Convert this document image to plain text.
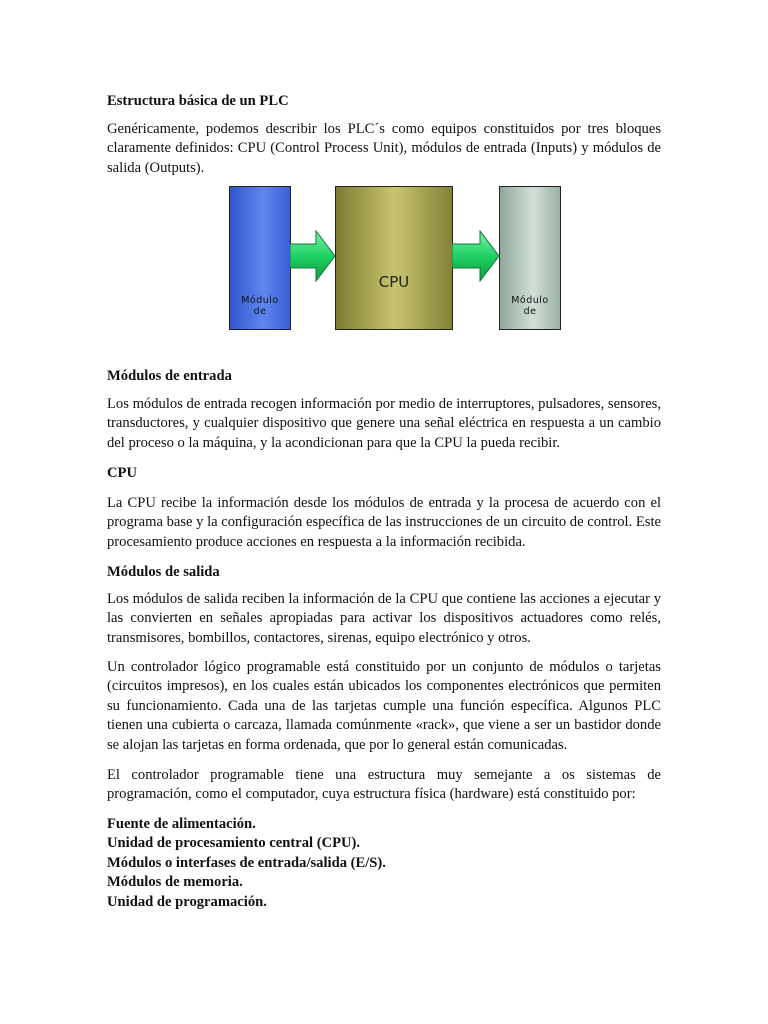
Estructura básica de un PLC

Genéricamente, podemos describir los PLC´s como equipos constituidos por tres bloques claramente definidos: CPU (Control Process Unit), módulos de entrada (Inputs) y módulos de salida (Outputs).

Módulo
de
CPU
Módulo
de

Módulos de entrada

Los módulos de entrada recogen información por medio de interruptores, pulsadores, sensores, transductores, y cualquier dispositivo que genere una señal eléctrica en respuesta a un cambio del proceso o la máquina, y la acondicionan para que la CPU la pueda recibir.

CPU

La CPU recibe la información desde los módulos de entrada y la procesa de acuerdo con el programa base y la configuración específica de las instrucciones de un circuito de control. Este procesamiento produce acciones en respuesta a la información recibida.

Módulos de salida

Los módulos de salida reciben la información de la CPU que contiene las acciones a ejecutar y las convierten en señales apropiadas para activar los dispositivos actuadores como relés, transmisores, bombillos, contactores, sirenas, equipo electrónico y otros.

Un controlador lógico programable está constituido por un conjunto de módulos o tarjetas (circuitos impresos), en los cuales están ubicados los componentes electrónicos que permiten su funcionamiento. Cada una de las tarjetas cumple una función específica. Algunos PLC tienen una cubierta o carcaza, llamada comúnmente «rack», que viene a ser un bastidor donde se alojan las tarjetas en forma ordenada, que por lo general están comunicadas.

El controlador programable tiene una estructura muy semejante a os sistemas de programación, como el computador, cuya estructura física (hardware) está constituido por:

Fuente de alimentación.
Unidad de procesamiento central (CPU).
Módulos o interfases de entrada/salida (E/S).
Módulos de memoria.
Unidad de programación.
